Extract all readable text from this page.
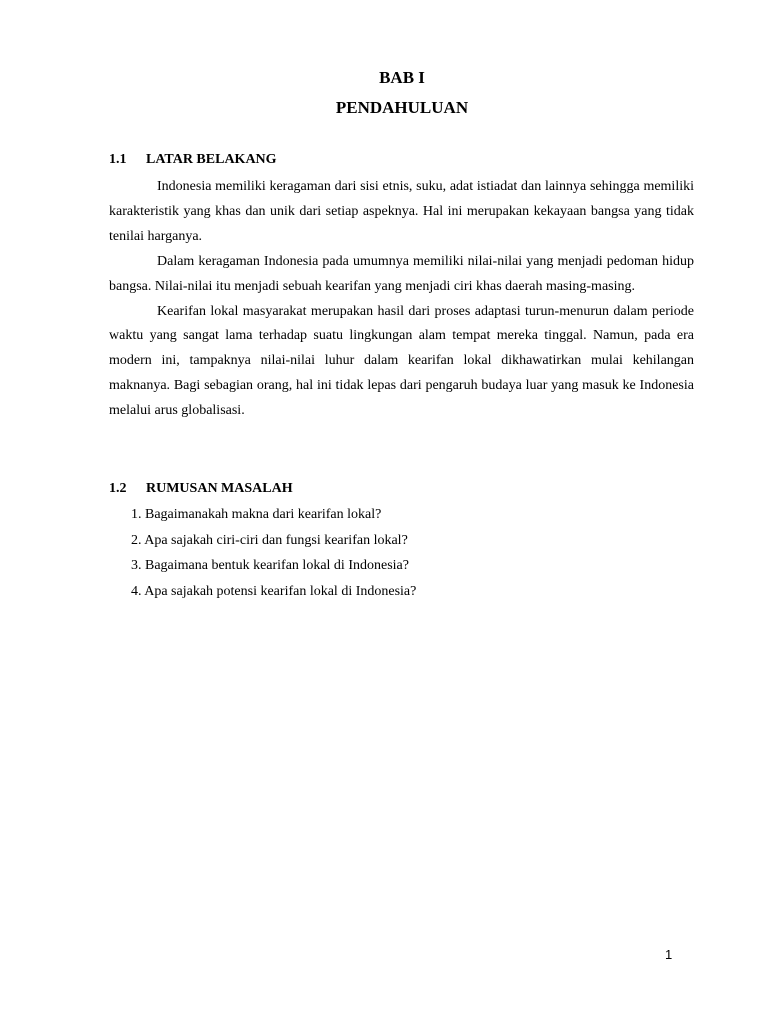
BAB I
PENDAHULUAN
1.1 LATAR BELAKANG

Indonesia memiliki keragaman dari sisi etnis, suku, adat istiadat dan lainnya sehingga memiliki karakteristik yang khas dan unik dari setiap aspeknya. Hal ini merupakan kekayaan bangsa yang tidak tenilai harganya.

Dalam keragaman Indonesia pada umumnya memiliki nilai-nilai yang menjadi pedoman hidup bangsa. Nilai-nilai itu menjadi sebuah kearifan yang menjadi ciri khas daerah masing-masing.

Kearifan lokal masyarakat merupakan hasil dari proses adaptasi turun-menurun dalam periode waktu yang sangat lama terhadap suatu lingkungan alam tempat mereka tinggal. Namun, pada era modern ini, tampaknya nilai-nilai luhur dalam kearifan lokal dikhawatirkan mulai kehilangan maknanya. Bagi sebagian orang, hal ini tidak lepas dari pengaruh budaya luar yang masuk ke Indonesia melalui arus globalisasi.

1.2 RUMUSAN MASALAH
1. Bagaimanakah makna dari kearifan lokal?
2. Apa sajakah ciri-ciri dan fungsi kearifan lokal?
3. Bagaimana bentuk kearifan lokal di Indonesia?
4. Apa sajakah potensi kearifan lokal di Indonesia?
1
